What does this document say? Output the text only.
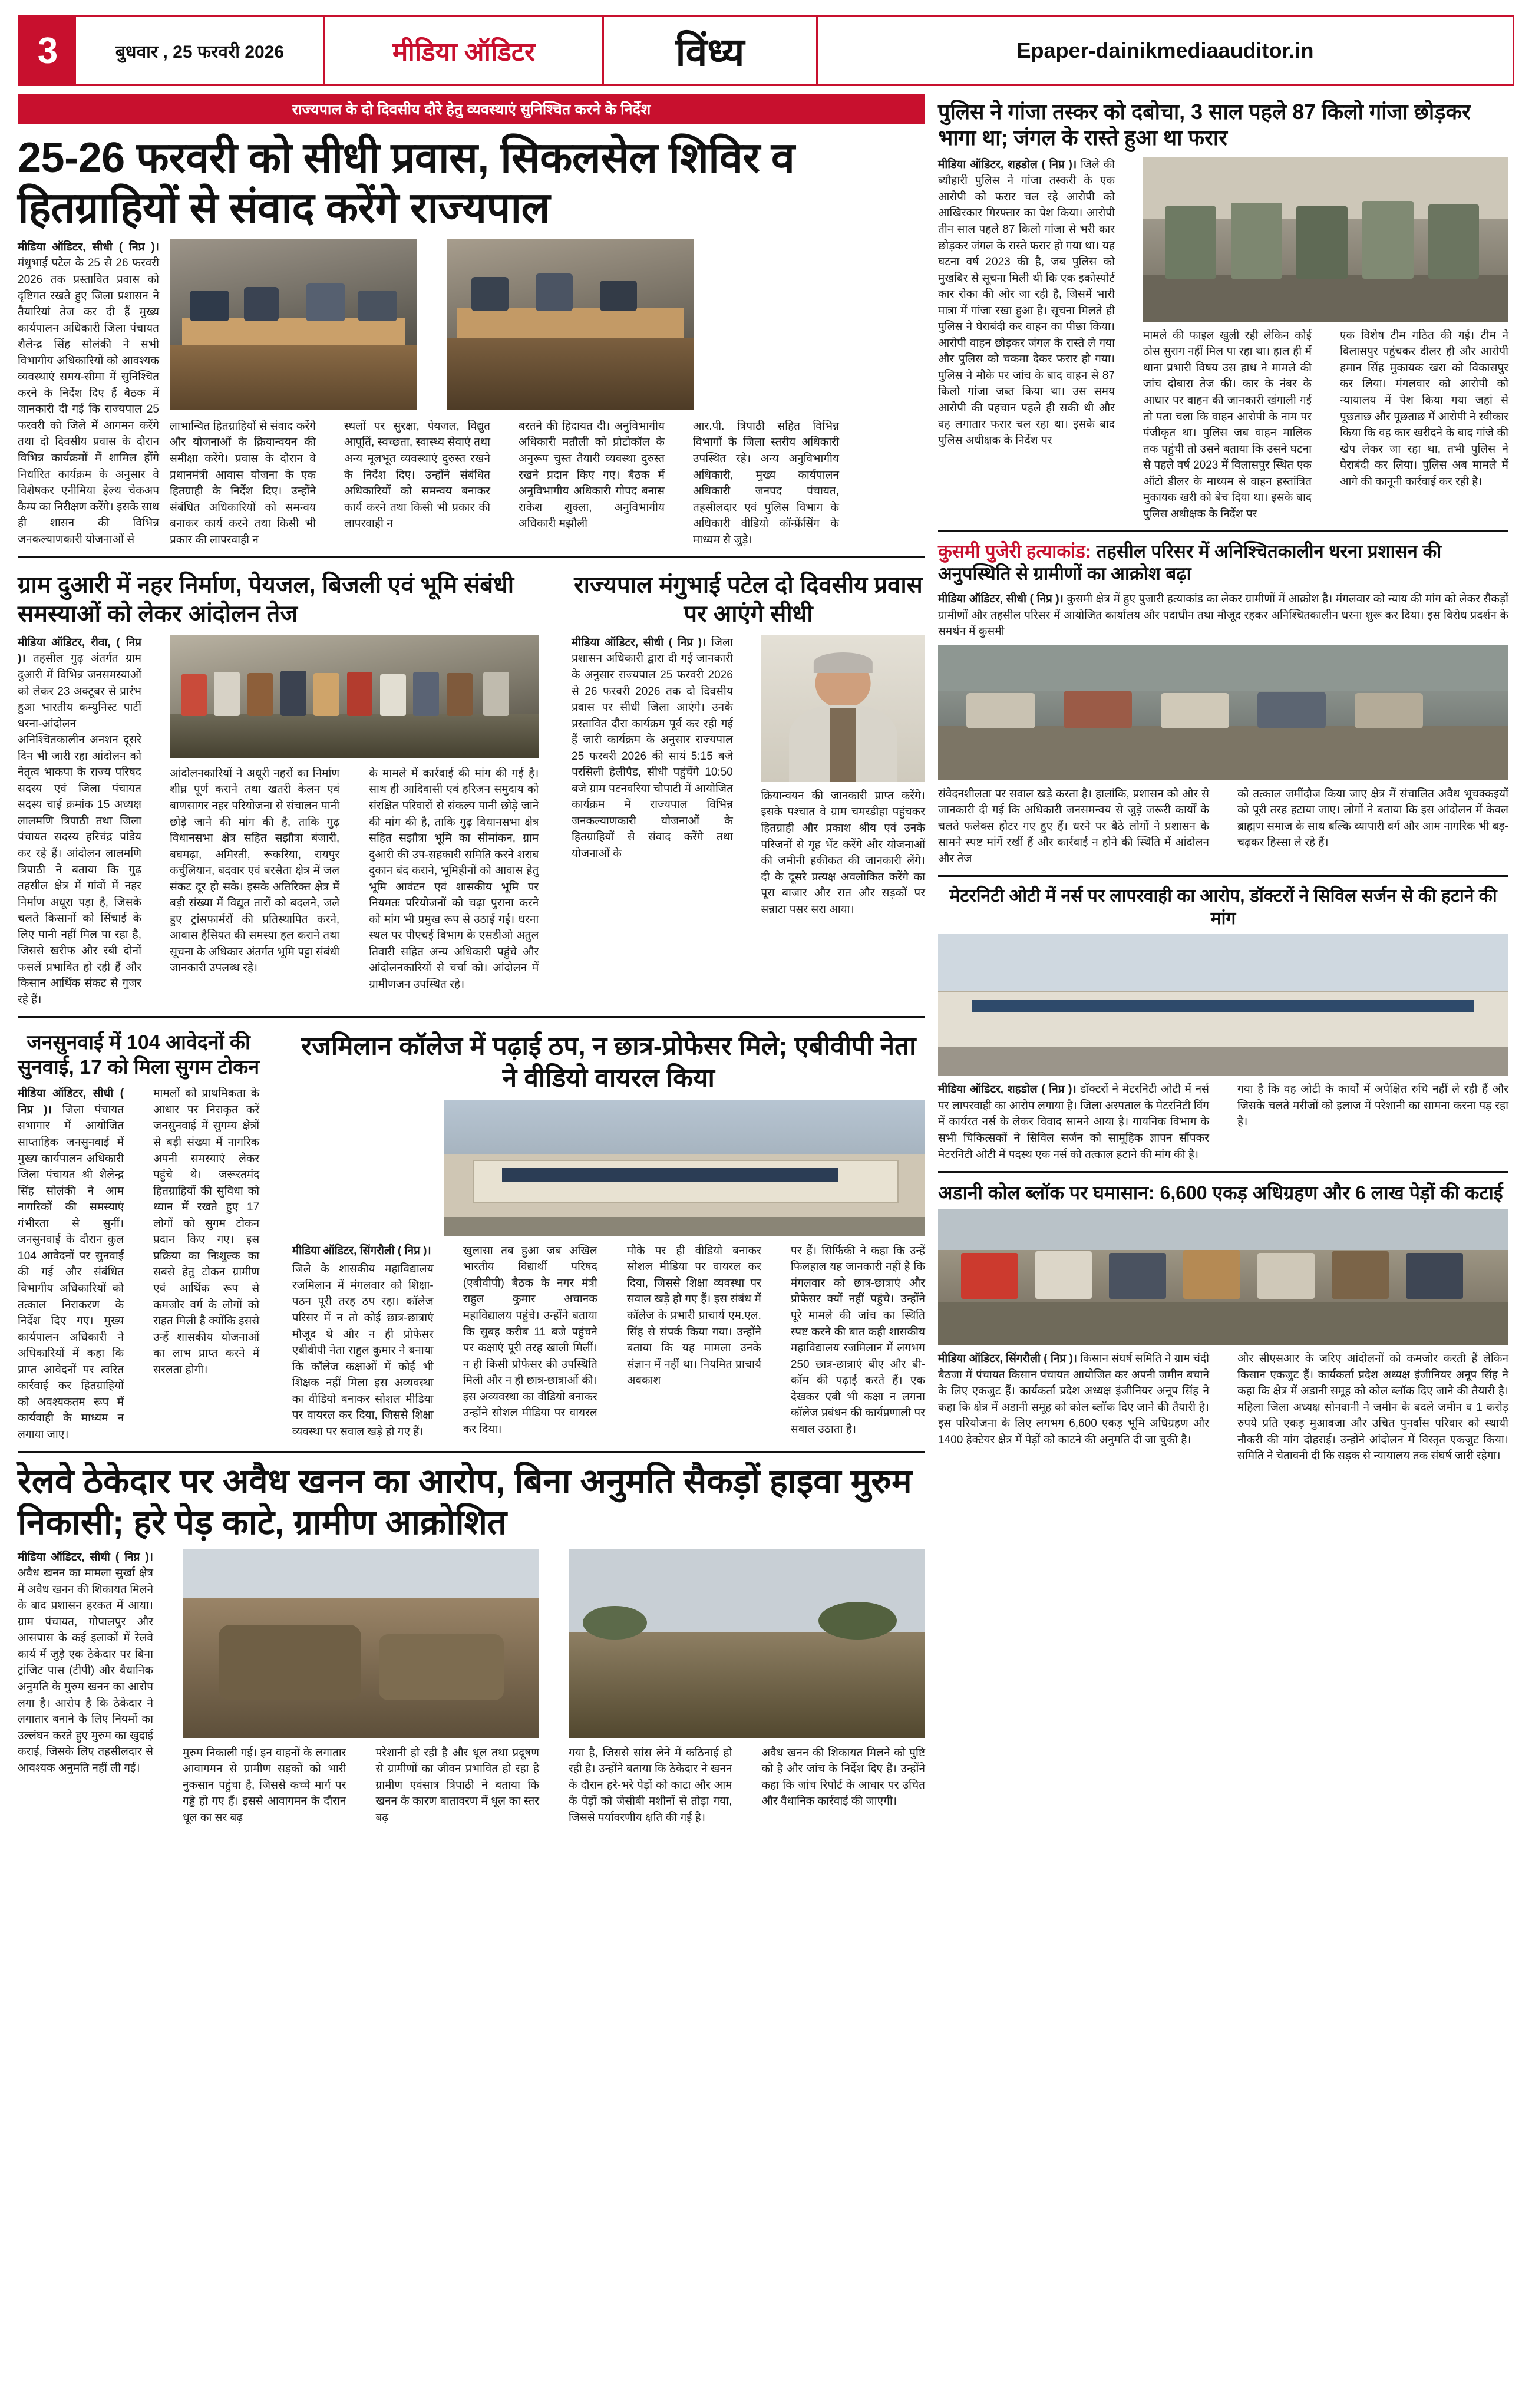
3	बुधवार , 25 फरवरी 2026	मीडिया ऑडिटर	विंध्य	Epaper-dainikmediaauditor.in
राज्यपाल के दो दिवसीय दौरे हेतु व्यवस्थाएं सुनिश्चित करने के निर्देश
25-26 फरवरी को सीधी प्रवास, सिकलसेल शिविर व हितग्राहियों से संवाद करेंगे राज्यपाल
मीडिया ऑडिटर, सीधी ( निप्र )। मंधुभाई पटेल के 25 से 26 फरवरी 2026 तक प्रस्तावित प्रवास को दृष्टिगत रखते हुए जिला प्रशासन ने तैयारियां तेज कर दी हैं मुख्य कार्यपालन अधिकारी जिला पंचायत शैलेन्द्र सिंह सोलंकी ने सभी विभागीय अधिकारियों को आवश्यक व्यवस्थाएं समय-सीमा में सुनिश्चित करने के निर्देश दिए हैं बैठक में जानकारी दी गई कि राज्यपाल 25 फरवरी को जिले में आगमन करेंगे तथा दो दिवसीय प्रवास के दौरान विभिन्न कार्यक्रमों में शामिल होंगे निर्धारित कार्यक्रम के अनुसार वे विशेषकर एनीमिया हेल्थ चेकअप कैम्प का निरीक्षण करेंगे। इसके साथ ही शासन की विभिन्न जनकल्याणकारी योजनाओं से
लाभान्वित हितग्राहियों से संवाद करेंगे और योजनाओं के क्रियान्वयन की समीक्षा करेंगे। प्रवास के दौरान वे प्रधानमंत्री आवास योजना के एक हितग्राही के निर्देश दिए। उन्होंने संबंधित अधिकारियों को समन्वय बनाकर कार्य करने तथा किसी भी प्रकार की लापरवाही न
स्थलों पर सुरक्षा, पेयजल, विद्युत आपूर्ति, स्वच्छता, स्वास्थ्य सेवाएं तथा अन्य मूलभूत व्यवस्थाएं दुरुस्त रखने के निर्देश दिए। उन्होंने संबंधित अधिकारियों को समन्वय बनाकर कार्य करने तथा किसी भी प्रकार की लापरवाही न
बरतने की हिदायत दी। अनुविभागीय अधिकारी मतौली को प्रोटोकॉल के अनुरूप चुस्त तैयारी व्यवस्था दुरुस्त रखने प्रदान किए गए। बैठक में अनुविभागीय अधिकारी गोपद बनास राकेश शुक्ला, अनुविभागीय अधिकारी मझौली
आर.पी. त्रिपाठी सहित विभिन्न विभागों के जिला स्तरीय अधिकारी उपस्थित रहे। अन्य अनुविभागीय अधिकारी, मुख्य कार्यपालन अधिकारी जनपद पंचायत, तहसीलदार एवं पुलिस विभाग के अधिकारी वीडियो कॉन्फ्रेंसिंग के माध्यम से जुड़े।
ग्राम दुआरी में नहर निर्माण, पेयजल, बिजली एवं भूमि संबंधी समस्याओं को लेकर आंदोलन तेज
मीडिया ऑडिटर, रीवा, ( निप्र )। तहसील गुढ़ अंतर्गत ग्राम दुआरी में विभिन्न जनसमस्याओं को लेकर 23 अक्टूबर से प्रारंभ हुआ भारतीय कम्युनिस्ट पार्टी धरना-आंदोलन अनिश्चितकालीन अनशन दूसरे दिन भी जारी रहा आंदोलन को नेतृत्व भाकपा के राज्य परिषद सदस्य एवं जिला पंचायत सदस्य चाई क्रमांक 15 अध्यक्ष लालमणि त्रिपाठी तथा जिला पंचायत सदस्य हरिचंद्र पांडेय कर रहे हैं। आंदोलन लालमणि त्रिपाठी ने बताया कि गुढ़ तहसील क्षेत्र में गांवों में नहर निर्माण अधूरा पड़ा है, जिसके चलते किसानों को सिंचाई के लिए पानी नहीं मिल पा रहा है, जिससे खरीफ और रबी दोनों फसलें प्रभावित हो रही हैं और किसान आर्थिक संकट से गुजर रहे हैं।
आंदोलनकारियों ने अधूरी नहरों का निर्माण शीघ्र पूर्ण कराने तथा खतरी केलन एवं बाणसागर नहर परियोजना से संचालन पानी छोड़े जाने की मांग की है, ताकि गुढ़ विधानसभा क्षेत्र सहित सझौत्रा बंजारी, बघमढ़ा, अमिरती, रूकरिया, रायपुर कर्चुलियान, बदवार एवं बरसैता क्षेत्र में जल संकट दूर हो सके। इसके अतिरिक्त क्षेत्र में बड़ी संख्या में विद्युत तारों को बदलने, जले हुए ट्रांसफार्मरों की प्रतिस्थापित करने, आवास हैसियत की समस्या हल कराने तथा सूचना के अधिकार अंतर्गत भूमि पट्टा संबंधी जानकारी उपलब्ध रहे।
के मामले में कार्रवाई की मांग की गई है। साथ ही आदिवासी एवं हरिजन समुदाय को संरक्षित परिवारों से संकल्प पानी छोड़े जाने की मांग की है, ताकि गुढ़ विधानसभा क्षेत्र सहित सझौत्रा भूमि का सीमांकन, ग्राम दुआरी की उप-सहकारी समिति करने शराब दुकान बंद कराने, भूमिहीनों को आवास हेतु भूमि आवंटन एवं शासकीय भूमि पर नियमतः परियोजनों को चढ़ा पुराना करने को मांग भी प्रमुख रूप से उठाई गई। धरना स्थल पर पीएचई विभाग के एसडीओ अतुल तिवारी सहित अन्य अधिकारी पहुंचे और आंदोलनकारियों से चर्चा को। आंदोलन में ग्रामीणजन उपस्थित रहे।
राज्यपाल मंगुभाई पटेल दो दिवसीय प्रवास पर आएंगे सीधी
मीडिया ऑडिटर, सीधी ( निप्र )। जिला प्रशासन अधिकारी द्वारा दी गई जानकारी के अनुसार राज्यपाल 25 फरवरी 2026 से 26 फरवरी 2026 तक दो दिवसीय प्रवास पर सीधी जिला आएंगे। उनके प्रस्तावित दौरा कार्यक्रम पूर्व कर रही गई हैं जारी कार्यक्रम के अनुसार राज्यपाल 25 फरवरी 2026 की सायं 5:15 बजे परसिली हेलीपैड, सीधी पहुंचेंगे 10:50 बजे ग्राम पटनवरिया चौपाटी में आयोजित कार्यक्रम में राज्यपाल विभिन्न जनकल्याणकारी योजनाओं के हितग्राहियों से संवाद करेंगे तथा योजनाओं के
क्रियान्वयन की जानकारी प्राप्त करेंगे। इसके पश्चात वे ग्राम चमरडीहा पहुंचकर हितग्राही और प्रकाश श्रीय एवं उनके परिजनों से गृह भेंट करेंगे और योजनाओं की जमीनी हकीकत की जानकारी लेंगे। दी के दूसरे प्रत्यक्ष अवलोकित करेंगे का पूरा बाजार और रात और सड़कों पर सन्नाटा पसर सरा आया।
जनसुनवाई में 104 आवेदनों की सुनवाई, 17 को मिला सुगम टोकन
मीडिया ऑडिटर, सीधी ( निप्र )। जिला पंचायत सभागार में आयोजित साप्ताहिक जनसुनवाई में मुख्य कार्यपालन अधिकारी जिला पंचायत श्री शैलेन्द्र सिंह सोलंकी ने आम नागरिकों की समस्याएं गंभीरता से सुनीं। जनसुनवाई के दौरान कुल 104 आवेदनों पर सुनवाई की गई और संबंधित विभागीय अधिकारियों को तत्काल निराकरण के निर्देश दिए गए। मुख्य कार्यपालन अधिकारी ने अधिकारियों में कहा कि प्राप्त आवेदनों पर त्वरित कार्रवाई कर हितग्राहियों को अवश्यकतम रूप में कार्यवाही के माध्यम न लगाया जाए।
मामलों को प्राथमिकता के आधार पर निराकृत करें जनसुनवाई में सुगम्य क्षेत्रों से बड़ी संख्या में नागरिक अपनी समस्याएं लेकर पहुंचे थे। जरूरतमंद हितग्राहियों की सुविधा को ध्यान में रखते हुए 17 लोगों को सुगम टोकन प्रदान किए गए। इस प्रक्रिया का निःशुल्क का सबसे हेतु टोकन ग्रामीण एवं आर्थिक रूप से कमजोर वर्ग के लोगों को राहत मिली है क्योंकि इससे उन्हें शासकीय योजनाओं का लाभ प्राप्त करने में सरलता होगी।
रजमिलान कॉलेज में पढ़ाई ठप, न छात्र-प्रोफेसर मिले; एबीवीपी नेता ने वीडियो वायरल किया
मीडिया ऑडिटर, सिंगरौली ( निप्र )।
जिले के शासकीय महाविद्यालय रजमिलान में मंगलवार को शिक्षा-पठन पूरी तरह ठप रहा। कॉलेज परिसर में न तो कोई छात्र-छात्राएं मौजूद थे और न ही प्रोफेसर एबीवीपी नेता राहुल कुमार ने बनाया कि कॉलेज कक्षाओं में कोई भी शिक्षक नहीं मिला इस अव्यवस्था का वीडियो बनाकर सोशल मीडिया पर वायरल कर दिया, जिससे शिक्षा व्यवस्था पर सवाल खड़े हो गए हैं।
खुलासा तब हुआ जब अखिल भारतीय विद्यार्थी परिषद (एबीवीपी) बैठक के नगर मंत्री राहुल कुमार अचानक महाविद्यालय पहुंचे। उन्होंने बताया कि सुबह करीब 11 बजे पहुंचने पर कक्षाएं पूरी तरह खाली मिलीं। न ही किसी प्रोफेसर की उपस्थिति मिली और न ही छात्र-छात्राओं की। इस अव्यवस्था का वीडियो बनाकर उन्होंने सोशल मीडिया पर वायरल कर दिया।
मौके पर ही वीडियो बनाकर सोशल मीडिया पर वायरल कर दिया, जिससे शिक्षा व्यवस्था पर सवाल खड़े हो गए हैं। इस संबंध में कॉलेज के प्रभारी प्राचार्य एम.एल. सिंह से संपर्क किया गया। उन्होंने बताया कि यह मामला उनके संज्ञान में नहीं था। नियमित प्राचार्य अवकाश
पर हैं। सिर्फिकी ने कहा कि उन्हें फिलहाल यह जानकारी नहीं है कि मंगलवार को छात्र-छात्राएं और प्रोफेसर क्यों नहीं पहुंचे। उन्होंने पूरे मामले की जांच का स्थिति स्पष्ट करने की बात कही शासकीय महाविद्यालय रजमिलान में लगभग 250 छात्र-छात्राएं बीए और बी-कॉम की पढ़ाई करते हैं। एक देखकर एबी भी कक्षा न लगना कॉलेज प्रबंधन की कार्यप्रणाली पर सवाल उठाता है।
रेलवे ठेकेदार पर अवैध खनन का आरोप, बिना अनुमति सैकड़ों हाइवा मुरुम निकासी; हरे पेड़ काटे, ग्रामीण आक्रोशित
मीडिया ऑडिटर, सीधी ( निप्र )। अवैध खनन का मामला सुर्खा क्षेत्र में अवैध खनन की शिकायत मिलने के बाद प्रशासन हरकत में आया। ग्राम पंचायत, गोपालपुर और आसपास के कई इलाकों में रेलवे कार्य में जुड़े एक ठेकेदार पर बिना ट्रांजिट पास (टीपी) और वैधानिक अनुमति के मुरुम खनन का आरोप लगा है। आरोप है कि ठेकेदार ने लगातार बनाने के लिए नियमों का उल्लंघन करते हुए मुरुम का खुदाई कराई, जिसके लिए तहसीलदार से आवश्यक अनुमति नहीं ली गई।
मुरुम निकाली गई। इन वाहनों के लगातार आवागमन से ग्रामीण सड़कों को भारी नुकसान पहुंचा है, जिससे कच्चे मार्ग पर गड्ढे हो गए हैं। इससे आवागमन के दौरान धूल का सर बढ़
परेशानी हो रही है और धूल तथा प्रदूषण से ग्रामीणों का जीवन प्रभावित हो रहा है ग्रामीण एवंसात्र त्रिपाठी ने बताया कि खनन के कारण बातावरण में धूल का स्तर बढ़
गया है, जिससे सांस लेने में कठिनाई हो रही है। उन्होंने बताया कि ठेकेदार ने खनन के दौरान हरे-भरे पेड़ों को काटा और आम के पेड़ों को जेसीबी मशीनों से तोड़ा गया, जिससे पर्यावरणीय क्षति की गई है।
अवैध खनन की शिकायत मिलने को पुष्टि को है और जांच के निर्देश दिए हैं। उन्होंने कहा कि जांच रिपोर्ट के आधार पर उचित और वैधानिक कार्रवाई की जाएगी।
पुलिस ने गांजा तस्कर को दबोचा, 3 साल पहले 87 किलो गांजा छोड़कर भागा था; जंगल के रास्ते हुआ था फरार
मीडिया ऑडिटर, शहडोल ( निप्र )। जिले की ब्यौहारी पुलिस ने गांजा तस्करी के एक आरोपी को फरार चल रहे आरोपी को आखिरकार गिरफ्तार का पेश किया। आरोपी तीन साल पहले 87 किलो गांजा से भरी कार छोड़कर जंगल के रास्ते फरार हो गया था। यह घटना वर्ष 2023 की है, जब पुलिस को मुखबिर से सूचना मिली थी कि एक इकोस्पोर्ट कार रोका की ओर जा रही है, जिसमें भारी मात्रा में गांजा रखा हुआ है। सूचना मिलते ही पुलिस ने घेराबंदी कर वाहन का पीछा किया। आरोपी वाहन छोड़कर जंगल के रास्ते ले गया और पुलिस को चकमा देकर फरार हो गया। पुलिस ने मौके पर जांच के बाद वाहन से 87 किलो गांजा जब्त किया था। उस समय आरोपी की पहचान पहले ही सकी थी और वह लगातार फरार चल रहा था। इसके बाद पुलिस अधीक्षक के निर्देश पर
मामले की फाइल खुली रही लेकिन कोई ठोस सुराग नहीं मिल पा रहा था। हाल ही में थाना प्रभारी विषय उस हाथ ने मामले की जांच दोबारा तेज की। कार के नंबर के आधार पर वाहन की जानकारी खंगाली गई तो पता चला कि वाहन आरोपी के नाम पर पंजीकृत था। पुलिस जब वाहन मालिक तक पहुंची तो उसने बताया कि उसने घटना से पहले वर्ष 2023 में विलासपुर स्थित एक ऑटो डीलर के माध्यम से वाहन हस्तांत्रित मुकायक खरी को बेच दिया था। इसके बाद पुलिस अधीक्षक के निर्देश पर
एक विशेष टीम गठित की गई। टीम ने विलासपुर पहुंचकर दीलर ही और आरोपी हमान सिंह मुकायक खरा को विकासपुर कर लिया। मंगलवार को आरोपी को न्यायालय में पेश किया गया जहां से पूछताछ और पूछताछ में आरोपी ने स्वीकार किया कि वह कार खरीदने के बाद गांजे की खेप लेकर जा रहा था, तभी पुलिस ने घेराबंदी कर लिया। पुलिस अब मामले में आगे की कानूनी कार्रवाई कर रही है।
कुसमी पुजेरी हत्याकांड: तहसील परिसर में अनिश्चितकालीन धरना प्रशासन की अनुपस्थिति से ग्रामीणों का आक्रोश बढ़ा
मीडिया ऑडिटर, सीधी ( निप्र )। कुसमी क्षेत्र में हुए पुजारी हत्याकांड का लेकर ग्रामीणों में आक्रोश है। मंगलवार को न्याय की मांग को लेकर सैकड़ों ग्रामीणों और तहसील परिसर में आयोजित कार्यालय और पदाधीन तथा मौजूद रहकर अनिश्चितकालीन धरना शुरू कर दिया। इस विरोध प्रदर्शन के समर्थन में कुसमी
संवेदनशीलता पर सवाल खड़े करता है। हालांकि, प्रशासन को ओर से जानकारी दी गई कि अधिकारी जनसमन्वय से जुड़े जरूरी कार्यों के चलते फलेक्स होटर गए हुए हैं। धरने पर बैठे लोगों ने प्रशासन के सामने स्पष्ट मांगें रखीं हैं और कार्रवाई न होने की स्थिति में आंदोलन और तेज
को तत्काल जमींदौज किया जाए क्षेत्र में संचालित अवैध भूचक्कइयों को पूरी तरह हटाया जाए। लोगों ने बताया कि इस आंदोलन में केवल ब्राह्मण समाज के साथ बल्कि व्यापारी वर्ग और आम नागरिक भी बड़-चढ़कर हिस्सा ले रहे हैं।
मेटरनिटी ओटी में नर्स पर लापरवाही का आरोप, डॉक्टरों ने सिविल सर्जन से की हटाने की मांग
मीडिया ऑडिटर, शहडोल ( निप्र )। डॉक्टरों ने मेटरनिटी ओटी में नर्स पर लापरवाही का आरोप लगाया है। जिला अस्पताल के मेटरनिटी विंग में कार्यरत नर्स के लेकर विवाद सामने आया है। गायनिक विभाग के सभी चिकित्सकों ने सिविल सर्जन को सामूहिक ज्ञापन सौंपकर मेटरनिटी ओटी में पदस्थ एक नर्स को तत्काल हटाने की मांग की है।
गया है कि वह ओटी के कार्यों में अपेक्षित रुचि नहीं ले रही हैं और जिसके चलते मरीजों को इलाज में परेशानी का सामना करना पड़ रहा है।
अडानी कोल ब्लॉक पर घमासान: 6,600 एकड़ अधिग्रहण और 6 लाख पेड़ों की कटाई
मीडिया ऑडिटर, सिंगरौली ( निप्र )। किसान संघर्ष समिति ने ग्राम चंदी बैठजा में पंचायत किसान पंचायत आयोजित कर अपनी जमीन बचाने के लिए एकजुट हैं। कार्यकर्ता प्रदेश अध्यक्ष इंजीनियर अनूप सिंह ने कहा कि क्षेत्र में अडानी समूह को कोल ब्लॉक दिए जाने की तैयारी है। इस परियोजना के लिए लगभग 6,600 एकड़ भूमि अधिग्रहण और 1400 हेक्टेयर क्षेत्र में पेड़ों को काटने की अनुमति दी जा चुकी है।
और सीएसआर के जरिए आंदोलनों को कमजोर करती हैं लेकिन किसान एकजुट हैं। कार्यकर्ता प्रदेश अध्यक्ष इंजीनियर अनूप सिंह ने कहा कि क्षेत्र में अडानी समूह को कोल ब्लॉक दिए जाने की तैयारी है। महिला जिला अध्यक्ष सोनवानी ने जमीन के बदले जमीन व 1 करोड़ रुपये प्रति एकड़ मुआवजा और उचित पुनर्वास परिवार को स्थायी नौकरी की मांग दोहराई। उन्होंने आंदोलन में विस्तृत एकजुट किया। समिति ने चेतावनी दी कि सड़क से न्यायालय तक संघर्ष जारी रहेगा।
